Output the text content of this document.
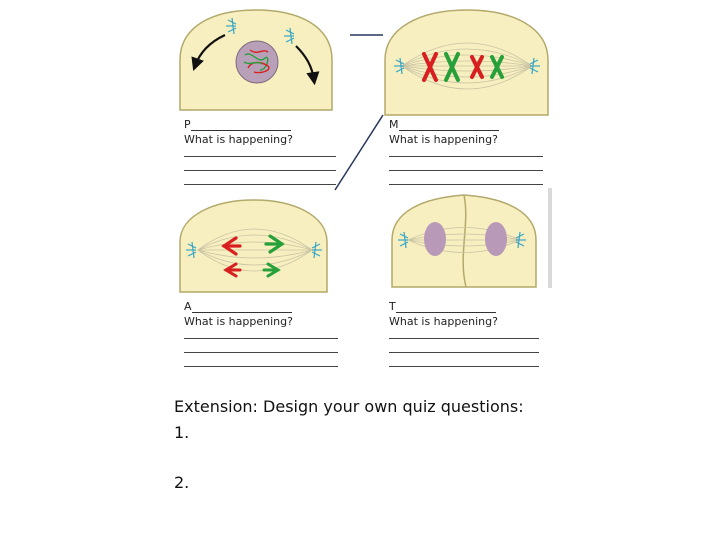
P
What is happening?
M
What is happening?
A
What is happening?
T
What is happening?
Extension: Design your own quiz questions:
1.
2.
